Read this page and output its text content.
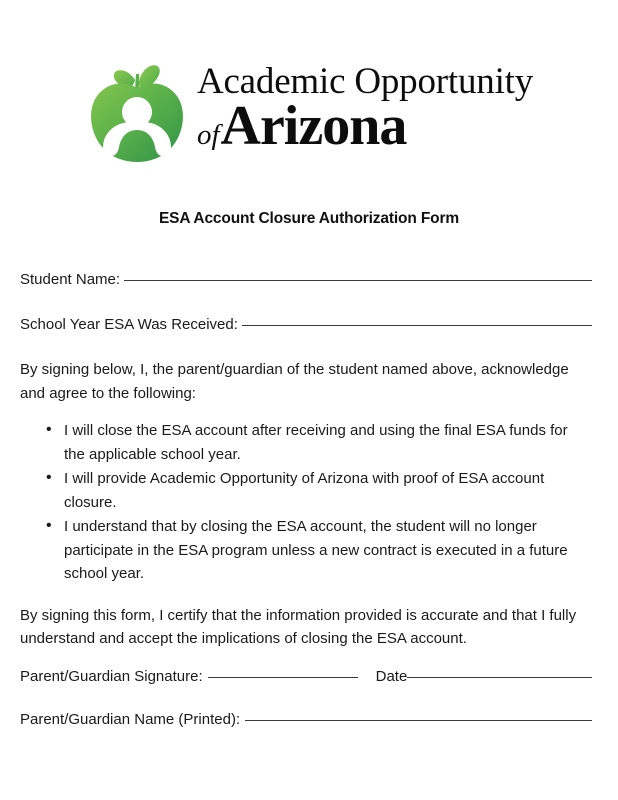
Academic Opportunity
of Arizona
ESA Account Closure Authorization Form
Student Name:
School Year ESA Was Received:

By signing below, I, the parent/guardian of the student named above, acknowledge and agree to the following:

• I will close the ESA account after receiving and using the final ESA funds for the applicable school year.
• I will provide Academic Opportunity of Arizona with proof of ESA account closure.
• I understand that by closing the ESA account, the student will no longer participate in the ESA program unless a new contract is executed in a future school year.

By signing this form, I certify that the information provided is accurate and that I fully understand and accept the implications of closing the ESA account.

Parent/Guardian Signature:	Date
Parent/Guardian Name (Printed):
